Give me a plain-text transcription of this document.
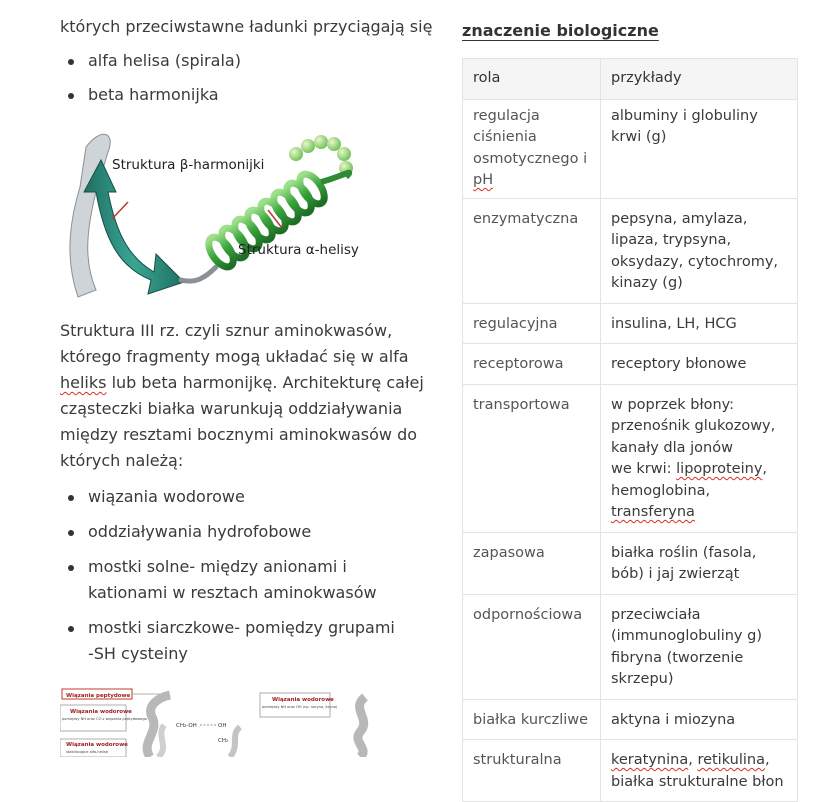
których przeciwstawne ładunki przyciągają się

alfa helisa (spirala)
beta harmonijka
Struktura β-harmonijki
Struktura α-helisy

Struktura III rz. czyli sznur aminokwasów, którego fragmenty mogą układać się w alfa heliks lub beta harmonijkę. Architekturę całej cząsteczki białka warunkują oddziaływania między resztami bocznymi aminokwasów do których należą:

wiązania wodorowe
oddziaływania hydrofobowe
mostki solne- między anionami i kationami w resztach aminokwasów
mostki siarczkowe- pomiędzy grupami -SH cysteiny
Wiązania peptydowe
Wiązania wodorowe
pomiędzy NH oraz CO z wiązania peptydowego
Wiązania wodorowe
stabilizujące alfa-helisę
CH₂-OH	OH
CH₂
Wiązania wodorowe
pomiędzy NH oraz OH (np. seryna, lizyna)
znaczenie biologiczne
rola	przykłady
regulacja ciśnienia osmotycznego i pH	albuminy i globuliny krwi (g)
enzymatyczna	pepsyna, amylaza, lipaza, trypsyna, oksydazy, cytochromy, kinazy (g)
regulacyjna	insulina, LH, HCG
receptorowa	receptory błonowe
transportowa	w poprzek błony: przenośnik glukozowy, kanały dla jonów
we krwi: lipoproteiny, hemoglobina, transferyna
zapasowa	białka roślin (fasola, bób) i jaj zwierząt
odpornościowa	przeciwciała (immunoglobuliny g) fibryna (tworzenie skrzepu)
białka kurczliwe	aktyna i miozyna
strukturalna	keratynina, retikulina, białka strukturalne błon
